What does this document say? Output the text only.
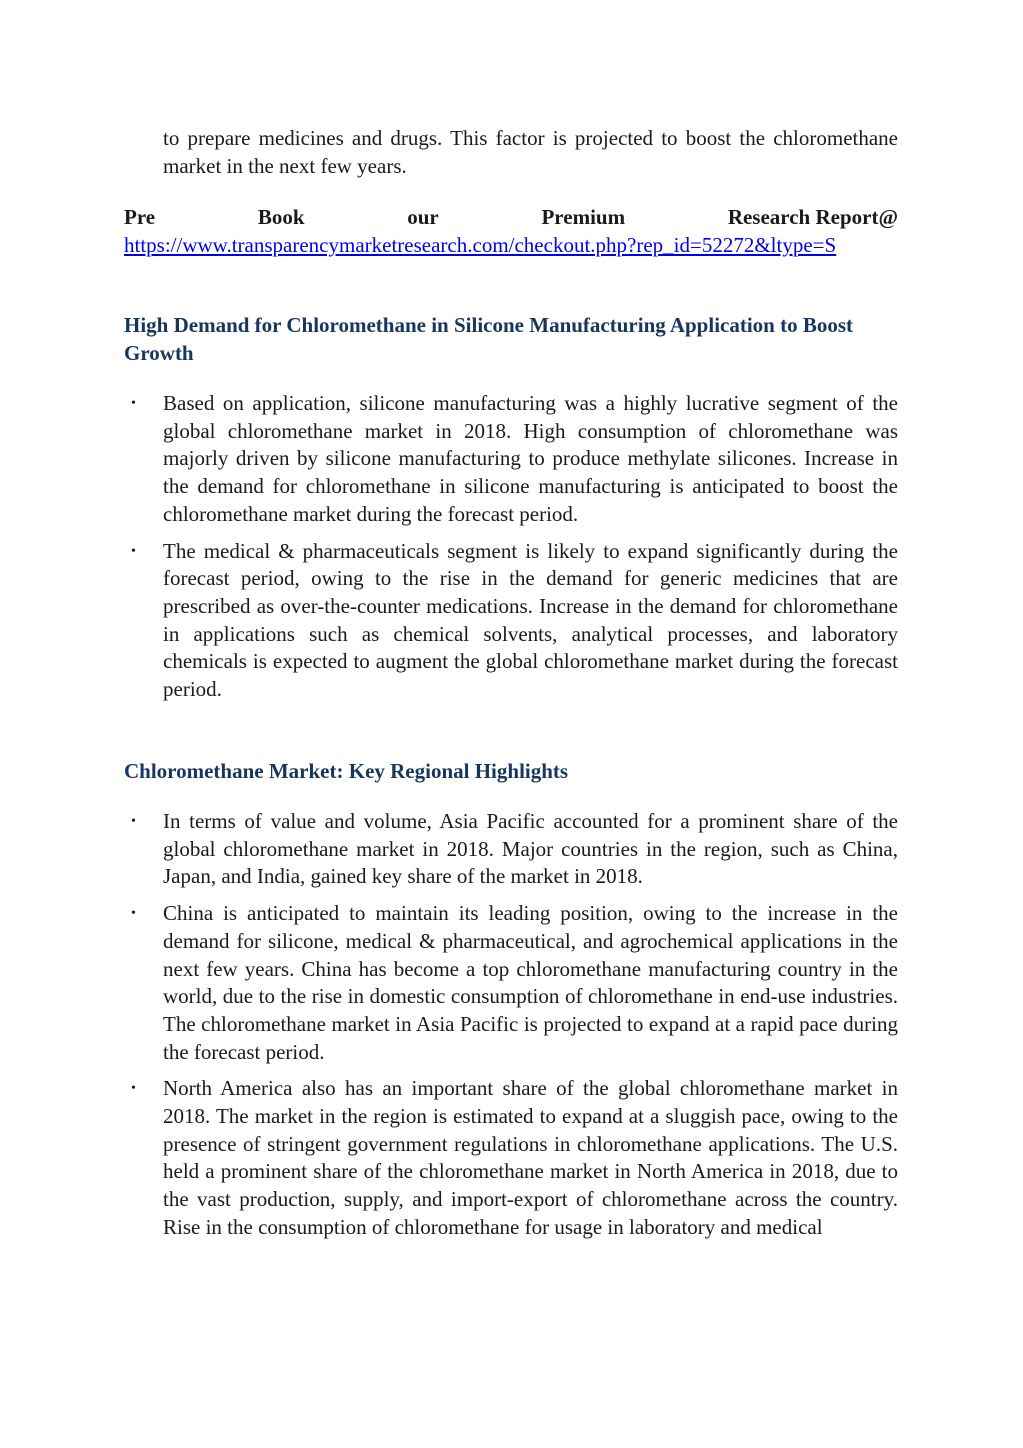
to prepare medicines and drugs. This factor is projected to boost the chloromethane market in the next few years.

Pre	Book	our	Premium	Research Report@
https://www.transparencymarketresearch.com/checkout.php?rep_id=52272&ltype=S
High Demand for Chloromethane in Silicone Manufacturing Application to Boost Growth
• Based on application, silicone manufacturing was a highly lucrative segment of the global chloromethane market in 2018. High consumption of chloromethane was majorly driven by silicone manufacturing to produce methylate silicones. Increase in the demand for chloromethane in silicone manufacturing is anticipated to boost the chloromethane market during the forecast period.
• The medical & pharmaceuticals segment is likely to expand significantly during the forecast period, owing to the rise in the demand for generic medicines that are prescribed as over-the-counter medications. Increase in the demand for chloromethane in applications such as chemical solvents, analytical processes, and laboratory chemicals is expected to augment the global chloromethane market during the forecast period.
Chloromethane Market: Key Regional Highlights
• In terms of value and volume, Asia Pacific accounted for a prominent share of the global chloromethane market in 2018. Major countries in the region, such as China, Japan, and India, gained key share of the market in 2018.
• China is anticipated to maintain its leading position, owing to the increase in the demand for silicone, medical & pharmaceutical, and agrochemical applications in the next few years. China has become a top chloromethane manufacturing country in the world, due to the rise in domestic consumption of chloromethane in end-use industries. The chloromethane market in Asia Pacific is projected to expand at a rapid pace during the forecast period.
• North America also has an important share of the global chloromethane market in 2018. The market in the region is estimated to expand at a sluggish pace, owing to the presence of stringent government regulations in chloromethane applications. The U.S. held a prominent share of the chloromethane market in North America in 2018, due to the vast production, supply, and import-export of chloromethane across the country. Rise in the consumption of chloromethane for usage in laboratory and medical
